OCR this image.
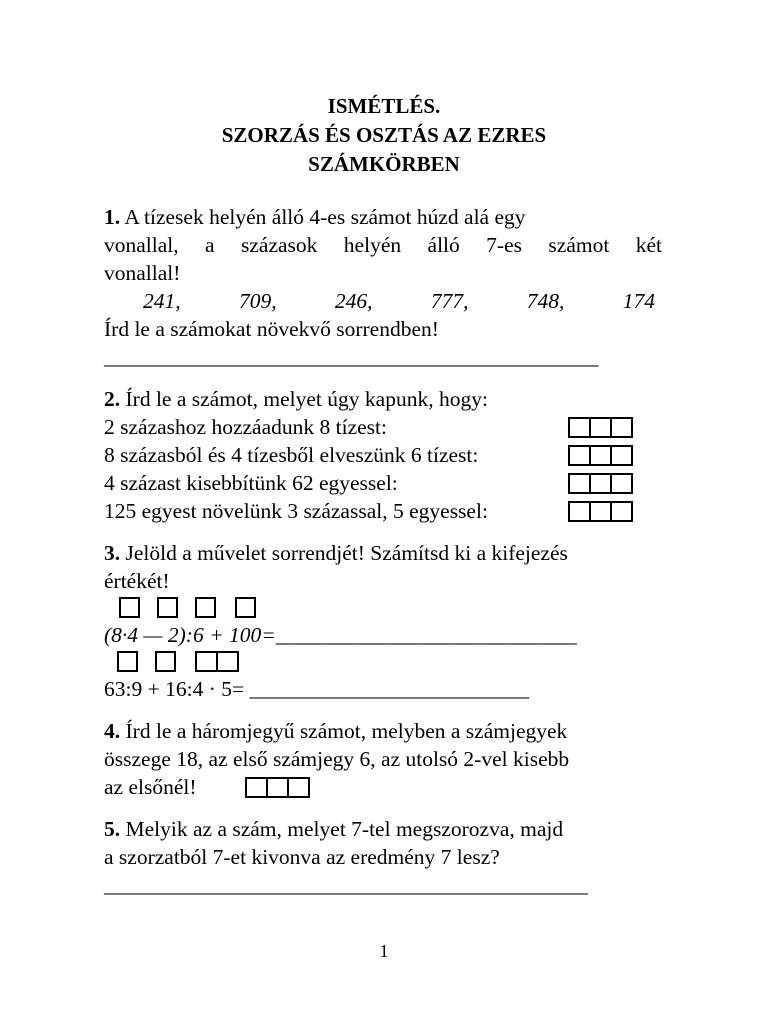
ISMÉTLÉS.
SZORZÁS ÉS OSZTÁS AZ EZRES
SZÁMKÖRBEN
1. A tízesek helyén álló 4-es számot húzd alá egy
vonallal, a százasok helyén álló 7-es számot két
vonallal!
241,	709,	246,	777,	748,	174
Írd le a számokat növekvő sorrendben!
______________________________________________
2. Írd le a számot, melyet úgy kapunk, hogy:
2 százashoz hozzáadunk 8 tízest:
8 százasból és 4 tízesből elveszünk 6 tízest:
4 százast kisebbítünk 62 egyessel:
125 egyest növelünk 3 százassal, 5 egyessel:
3. Jelöld a művelet sorrendjét! Számítsd ki a kifejezés
értékét!
(8·4 — 2):6 + 100=____________________________
63:9 + 16:4 · 5= __________________________
4. Írd le a háromjegyű számot, melyben a számjegyek
összege 18, az első számjegy 6, az utolsó 2-vel kisebb
az elsőnél!
5. Melyik az a szám, melyet 7-tel megszorozva, majd
a szorzatból 7-et kivonva az eredmény 7 lesz?
_____________________________________________
1
